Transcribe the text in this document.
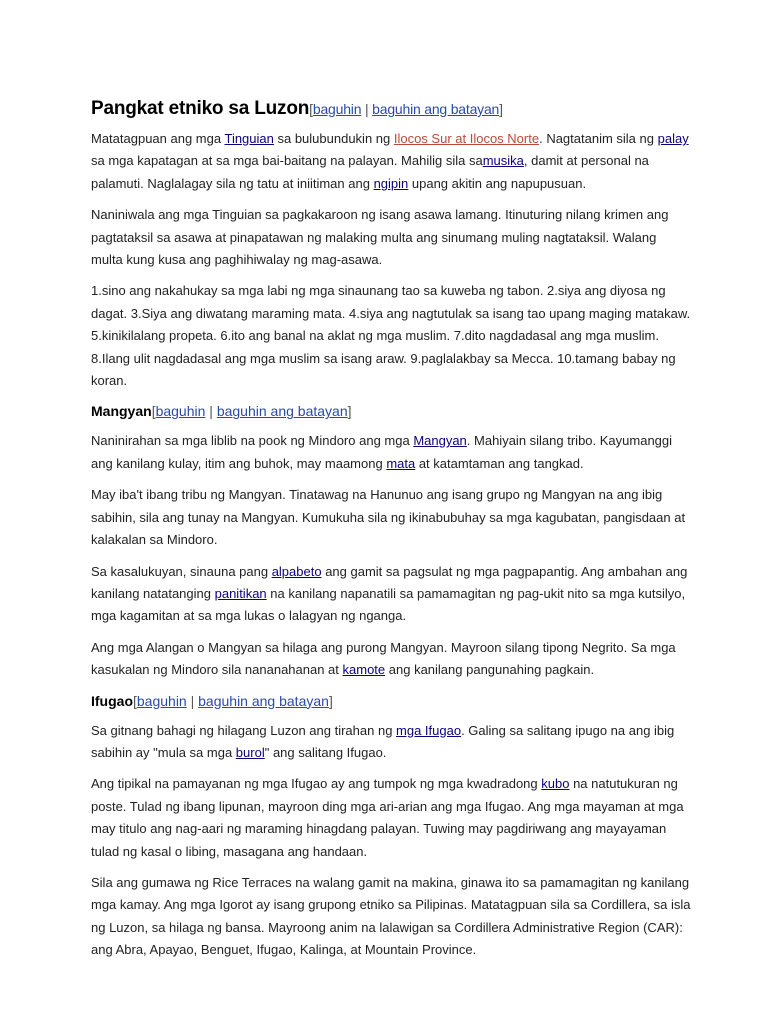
Pangkat etniko sa Luzon[baguhin | baguhin ang batayan]

Matatagpuan ang mga Tinguian sa bulubundukin ng Ilocos Sur at Ilocos Norte. Nagtatanim sila ng palay sa mga kapatagan at sa mga bai-baitang na palayan. Mahilig sila samusika, damit at personal na palamuti. Naglalagay sila ng tatu at iniitiman ang ngipin upang akitin ang napupusuan.

Naniniwala ang mga Tinguian sa pagkakaroon ng isang asawa lamang. Itinuturing nilang krimen ang pagtataksil sa asawa at pinapatawan ng malaking multa ang sinumang muling nagtataksil. Walang multa kung kusa ang paghihiwalay ng mag-asawa.

1.sino ang nakahukay sa mga labi ng mga sinaunang tao sa kuweba ng tabon. 2.siya ang diyosa ng dagat. 3.Siya ang diwatang maraming mata. 4.siya ang nagtutulak sa isang tao upang maging matakaw. 5.kinikilalang propeta. 6.ito ang banal na aklat ng mga muslim. 7.dito nagdadasal ang mga muslim. 8.Ilang ulit nagdadasal ang mga muslim sa isang araw. 9.paglalakbay sa Mecca. 10.tamang babay ng koran.

Mangyan[baguhin | baguhin ang batayan]

Naninirahan sa mga liblib na pook ng Mindoro ang mga Mangyan. Mahiyain silang tribo. Kayumanggi ang kanilang kulay, itim ang buhok, may maamong mata at katamtaman ang tangkad.

May iba't ibang tribu ng Mangyan. Tinatawag na Hanunuo ang isang grupo ng Mangyan na ang ibig sabihin, sila ang tunay na Mangyan. Kumukuha sila ng ikinabubuhay sa mga kagubatan, pangisdaan at kalakalan sa Mindoro.

Sa kasalukuyan, sinauna pang alpabeto ang gamit sa pagsulat ng mga pagpapantig. Ang ambahan ang kanilang natatanging panitikan na kanilang napanatili sa pamamagitan ng pag-ukit nito sa mga kutsilyo, mga kagamitan at sa mga lukas o lalagyan ng nganga.

Ang mga Alangan o Mangyan sa hilaga ang purong Mangyan. Mayroon silang tipong Negrito. Sa mga kasukalan ng Mindoro sila nananahanan at kamote ang kanilang pangunahing pagkain.

Ifugao[baguhin | baguhin ang batayan]

Sa gitnang bahagi ng hilagang Luzon ang tirahan ng mga Ifugao. Galing sa salitang ipugo na ang ibig sabihin ay "mula sa mga burol" ang salitang Ifugao.

Ang tipikal na pamayanan ng mga Ifugao ay ang tumpok ng mga kwadradong kubo na natutukuran ng poste. Tulad ng ibang lipunan, mayroon ding mga ari-arian ang mga Ifugao. Ang mga mayaman at mga may titulo ang nag-aari ng maraming hinagdang palayan. Tuwing may pagdiriwang ang mayayaman tulad ng kasal o libing, masagana ang handaan.

Sila ang gumawa ng Rice Terraces na walang gamit na makina, ginawa ito sa pamamagitan ng kanilang mga kamay. Ang mga Igorot ay isang grupong etniko sa Pilipinas. Matatagpuan sila sa Cordillera, sa isla ng Luzon, sa hilaga ng bansa. Mayroong anim na lalawigan sa Cordillera Administrative Region (CAR): ang Abra, Apayao, Benguet, Ifugao, Kalinga, at Mountain Province.
